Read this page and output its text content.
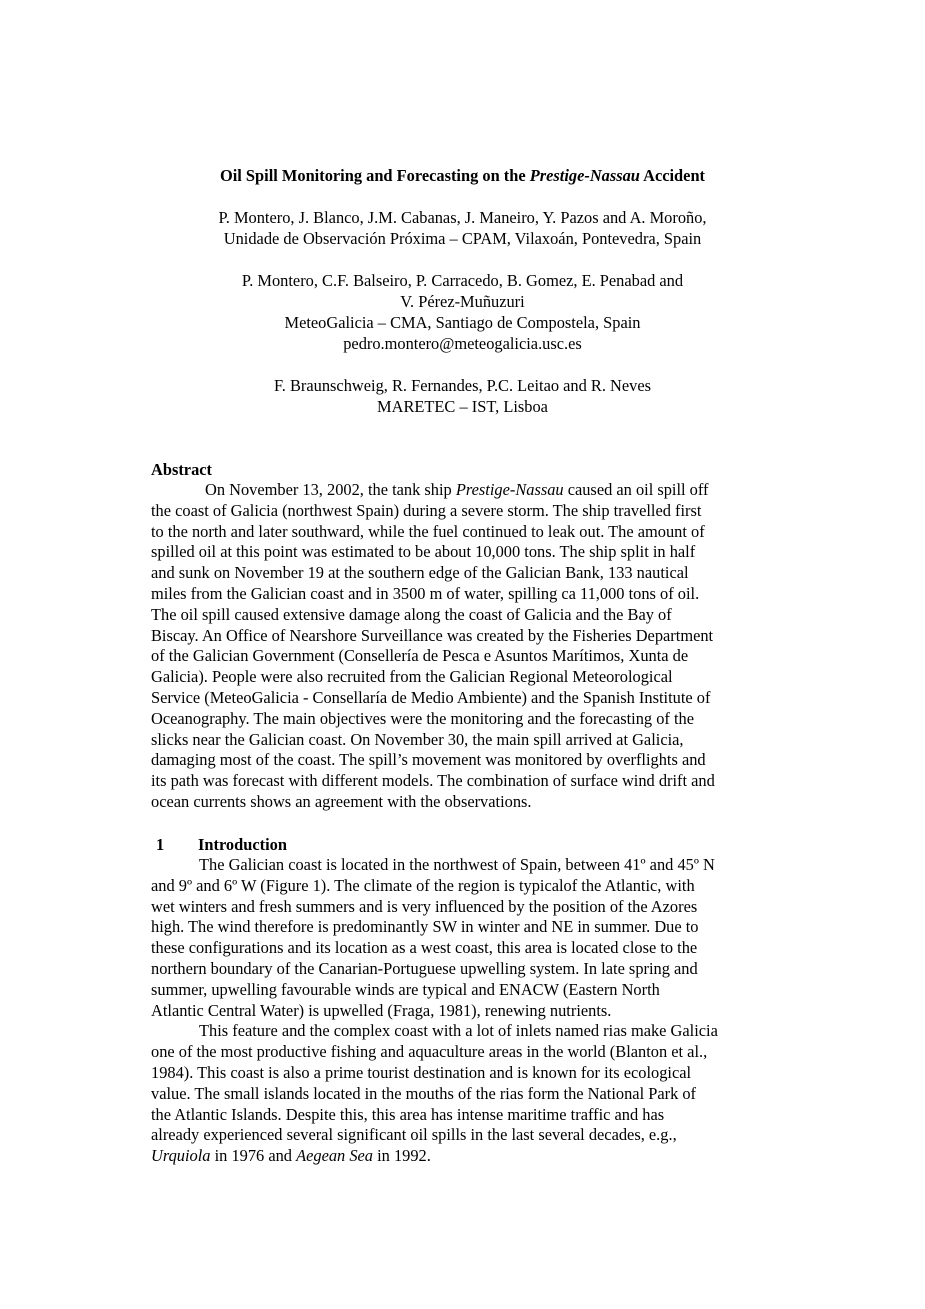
Oil Spill Monitoring and Forecasting on the Prestige-Nassau Accident
P. Montero, J. Blanco, J.M. Cabanas, J. Maneiro, Y. Pazos and A. Moroño,
Unidade de Observación Próxima – CPAM, Vilaxoán, Pontevedra, Spain
P. Montero, C.F. Balseiro, P. Carracedo, B. Gomez, E. Penabad and
V. Pérez-Muñuzuri
MeteoGalicia – CMA, Santiago de Compostela, Spain
pedro.montero@meteogalicia.usc.es
F. Braunschweig, R. Fernandes, P.C. Leitao and R. Neves
MARETEC – IST, Lisboa
Abstract
On November 13, 2002, the tank ship Prestige-Nassau caused an oil spill off
the coast of Galicia (northwest Spain) during a severe storm. The ship travelled first
to the north and later southward, while the fuel continued to leak out. The amount of
spilled oil at this point was estimated to be about 10,000 tons. The ship split in half
and sunk on November 19 at the southern edge of the Galician Bank, 133 nautical
miles from the Galician coast and in 3500 m of water, spilling ca 11,000 tons of oil.
The oil spill caused extensive damage along the coast of Galicia and the Bay of
Biscay. An Office of Nearshore Surveillance was created by the Fisheries Department
of the Galician Government (Consellería de Pesca e Asuntos Marítimos, Xunta de
Galicia). People were also recruited from the Galician Regional Meteorological
Service (MeteoGalicia - Consellaría de Medio Ambiente) and the Spanish Institute of
Oceanography. The main objectives were the monitoring and the forecasting of the
slicks near the Galician coast. On November 30, the main spill arrived at Galicia,
damaging most of the coast. The spill’s movement was monitored by overflights and
its path was forecast with different models. The combination of surface wind drift and
ocean currents shows an agreement with the observations.
1 Introduction
The Galician coast is located in the northwest of Spain, between 41º and 45º N
and 9º and 6º W (Figure 1). The climate of the region is typicalof the Atlantic, with
wet winters and fresh summers and is very influenced by the position of the Azores
high. The wind therefore is predominantly SW in winter and NE in summer. Due to
these configurations and its location as a west coast, this area is located close to the
northern boundary of the Canarian-Portuguese upwelling system. In late spring and
summer, upwelling favourable winds are typical and ENACW (Eastern North
Atlantic Central Water) is upwelled (Fraga, 1981), renewing nutrients.
This feature and the complex coast with a lot of inlets named rias make Galicia
one of the most productive fishing and aquaculture areas in the world (Blanton et al.,
1984). This coast is also a prime tourist destination and is known for its ecological
value. The small islands located in the mouths of the rias form the National Park of
the Atlantic Islands. Despite this, this area has intense maritime traffic and has
already experienced several significant oil spills in the last several decades, e.g.,
Urquiola in 1976 and Aegean Sea in 1992.
